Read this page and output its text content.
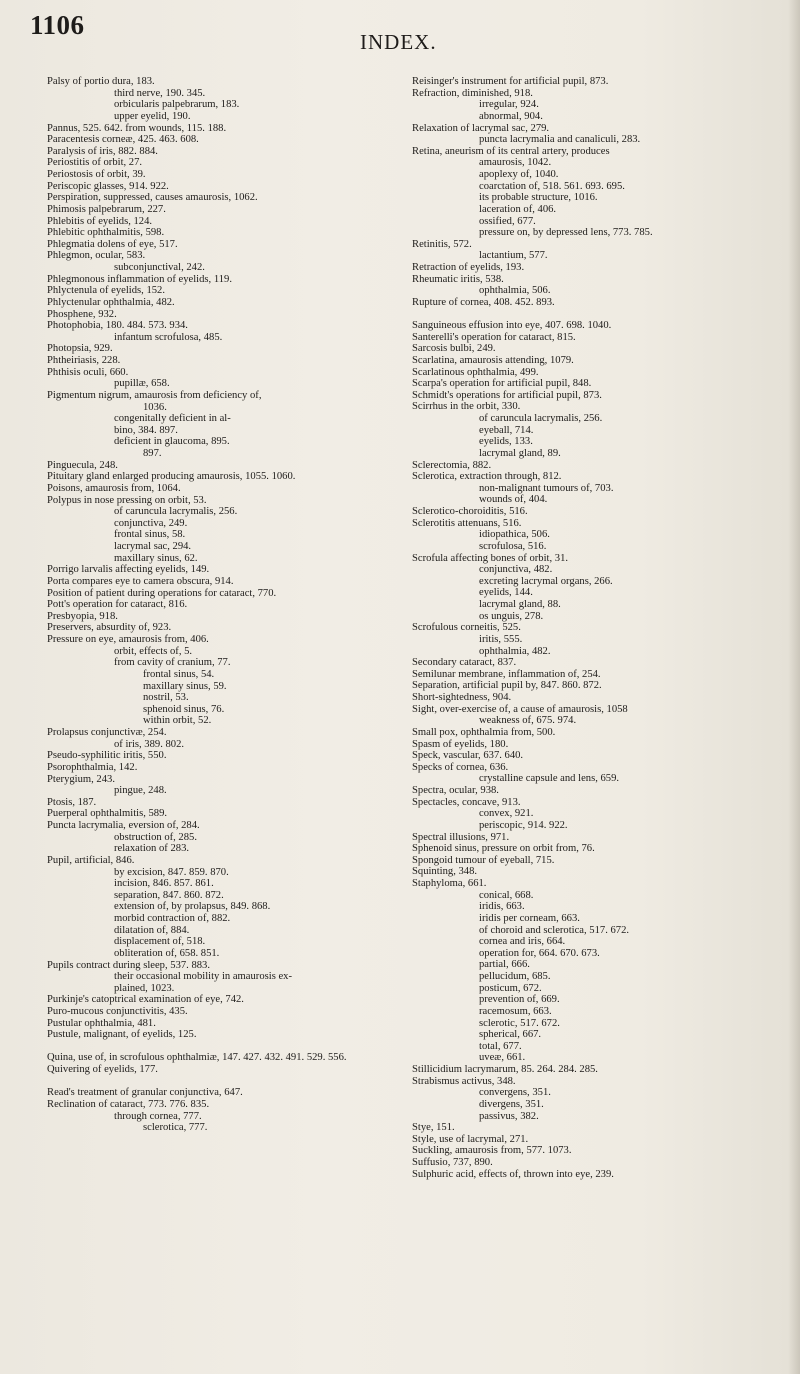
1106
INDEX.
Palsy of portio dura, 183.
third nerve, 190. 345.
orbicularis palpebrarum, 183.
upper eyelid, 190.
Pannus, 525. 642. from wounds, 115. 188.
Paracentesis corneæ, 425. 463. 608.
Paralysis of iris, 882. 884.
Periostitis of orbit, 27.
Periostosis of orbit, 39.
Periscopic glasses, 914. 922.
Perspiration, suppressed, causes amaurosis, 1062.
Phimosis palpebrarum, 227.
Phlebitis of eyelids, 124.
Phlebitic ophthalmitis, 598.
Phlegmatia dolens of eye, 517.
Phlegmon, ocular, 583.
subconjunctival, 242.
Phlegmonous inflammation of eyelids, 119.
Phlyctenula of eyelids, 152.
Phlyctenular ophthalmia, 482.
Phosphene, 932.
Photophobia, 180. 484. 573. 934.
infantum scrofulosa, 485.
Photopsia, 929.
Phtheiriasis, 228.
Phthisis oculi, 660.
pupillæ, 658.
Pigmentum nigrum, amaurosis from deficiency of,
1036.
congenitally deficient in al-
bino, 384. 897.
deficient in glaucoma, 895.
897.
Pinguecula, 248.
Pituitary gland enlarged producing amaurosis, 1055. 1060.
Poisons, amaurosis from, 1064.
Polypus in nose pressing on orbit, 53.
of caruncula lacrymalis, 256.
conjunctiva, 249.
frontal sinus, 58.
lacrymal sac, 294.
maxillary sinus, 62.
Porrigo larvalis affecting eyelids, 149.
Porta compares eye to camera obscura, 914.
Position of patient during operations for cataract, 770.
Pott's operation for cataract, 816.
Presbyopia, 918.
Preservers, absurdity of, 923.
Pressure on eye, amaurosis from, 406.
orbit, effects of, 5.
from cavity of cranium, 77.
frontal sinus, 54.
maxillary sinus, 59.
nostril, 53.
sphenoid sinus, 76.
within orbit, 52.
Prolapsus conjunctivæ, 254.
of iris, 389. 802.
Pseudo-syphilitic iritis, 550.
Psorophthalmia, 142.
Pterygium, 243.
pingue, 248.
Ptosis, 187.
Puerperal ophthalmitis, 589.
Puncta lacrymalia, eversion of, 284.
obstruction of, 285.
relaxation of 283.
Pupil, artificial, 846.
by excision, 847. 859. 870.
incision, 846. 857. 861.
separation, 847. 860. 872.
extension of, by prolapsus, 849. 868.
morbid contraction of, 882.
dilatation of, 884.
displacement of, 518.
obliteration of, 658. 851.
Pupils contract during sleep, 537. 883.
their occasional mobility in amaurosis ex-
plained, 1023.
Purkinje's catoptrical examination of eye, 742.
Puro-mucous conjunctivitis, 435.
Pustular ophthalmia, 481.
Pustule, malignant, of eyelids, 125.
Quina, use of, in scrofulous ophthalmiæ, 147. 427. 432. 491. 529. 556.
Quivering of eyelids, 177.
Read's treatment of granular conjunctiva, 647.
Reclination of cataract, 773. 776. 835.
through cornea, 777.
sclerotica, 777.
Reisinger's instrument for artificial pupil, 873.
Refraction, diminished, 918.
irregular, 924.
abnormal, 904.
Relaxation of lacrymal sac, 279.
puncta lacrymalia and canaliculi, 283.
Retina, aneurism of its central artery, produces
amaurosis, 1042.
apoplexy of, 1040.
coarctation of, 518. 561. 693. 695.
its probable structure, 1016.
laceration of, 406.
ossified, 677.
pressure on, by depressed lens, 773. 785.
Retinitis, 572.
lactantium, 577.
Retraction of eyelids, 193.
Rheumatic iritis, 538.
ophthalmia, 506.
Rupture of cornea, 408. 452. 893.
Sanguineous effusion into eye, 407. 698. 1040.
Santerelli's operation for cataract, 815.
Sarcosis bulbi, 249.
Scarlatina, amaurosis attending, 1079.
Scarlatinous ophthalmia, 499.
Scarpa's operation for artificial pupil, 848.
Schmidt's operations for artificial pupil, 873.
Scirrhus in the orbit, 330.
of caruncula lacrymalis, 256.
eyeball, 714.
eyelids, 133.
lacrymal gland, 89.
Sclerectomia, 882.
Sclerotica, extraction through, 812.
non-malignant tumours of, 703.
wounds of, 404.
Sclerotico-choroiditis, 516.
Sclerotitis attenuans, 516.
idiopathica, 506.
scrofulosa, 516.
Scrofula affecting bones of orbit, 31.
conjunctiva, 482.
excreting lacrymal organs, 266.
eyelids, 144.
lacrymal gland, 88.
os unguis, 278.
Scrofulous corneitis, 525.
iritis, 555.
ophthalmia, 482.
Secondary cataract, 837.
Semilunar membrane, inflammation of, 254.
Separation, artificial pupil by, 847. 860. 872.
Short-sightedness, 904.
Sight, over-exercise of, a cause of amaurosis, 1058
weakness of, 675. 974.
Small pox, ophthalmia from, 500.
Spasm of eyelids, 180.
Speck, vascular, 637. 640.
Specks of cornea, 636.
crystalline capsule and lens, 659.
Spectra, ocular, 938.
Spectacles, concave, 913.
convex, 921.
periscopic, 914. 922.
Spectral illusions, 971.
Sphenoid sinus, pressure on orbit from, 76.
Spongoid tumour of eyeball, 715.
Squinting, 348.
Staphyloma, 661.
conical, 668.
iridis, 663.
iridis per corneam, 663.
of choroid and sclerotica, 517. 672.
cornea and iris, 664.
operation for, 664. 670. 673.
partial, 666.
pellucidum, 685.
posticum, 672.
prevention of, 669.
racemosum, 663.
sclerotic, 517. 672.
spherical, 667.
total, 677.
uveæ, 661.
Stillicidium lacrymarum, 85. 264. 284. 285.
Strabismus activus, 348.
convergens, 351.
divergens, 351.
passivus, 382.
Stye, 151.
Style, use of lacrymal, 271.
Suckling, amaurosis from, 577. 1073.
Suffusio, 737, 890.
Sulphuric acid, effects of, thrown into eye, 239.
